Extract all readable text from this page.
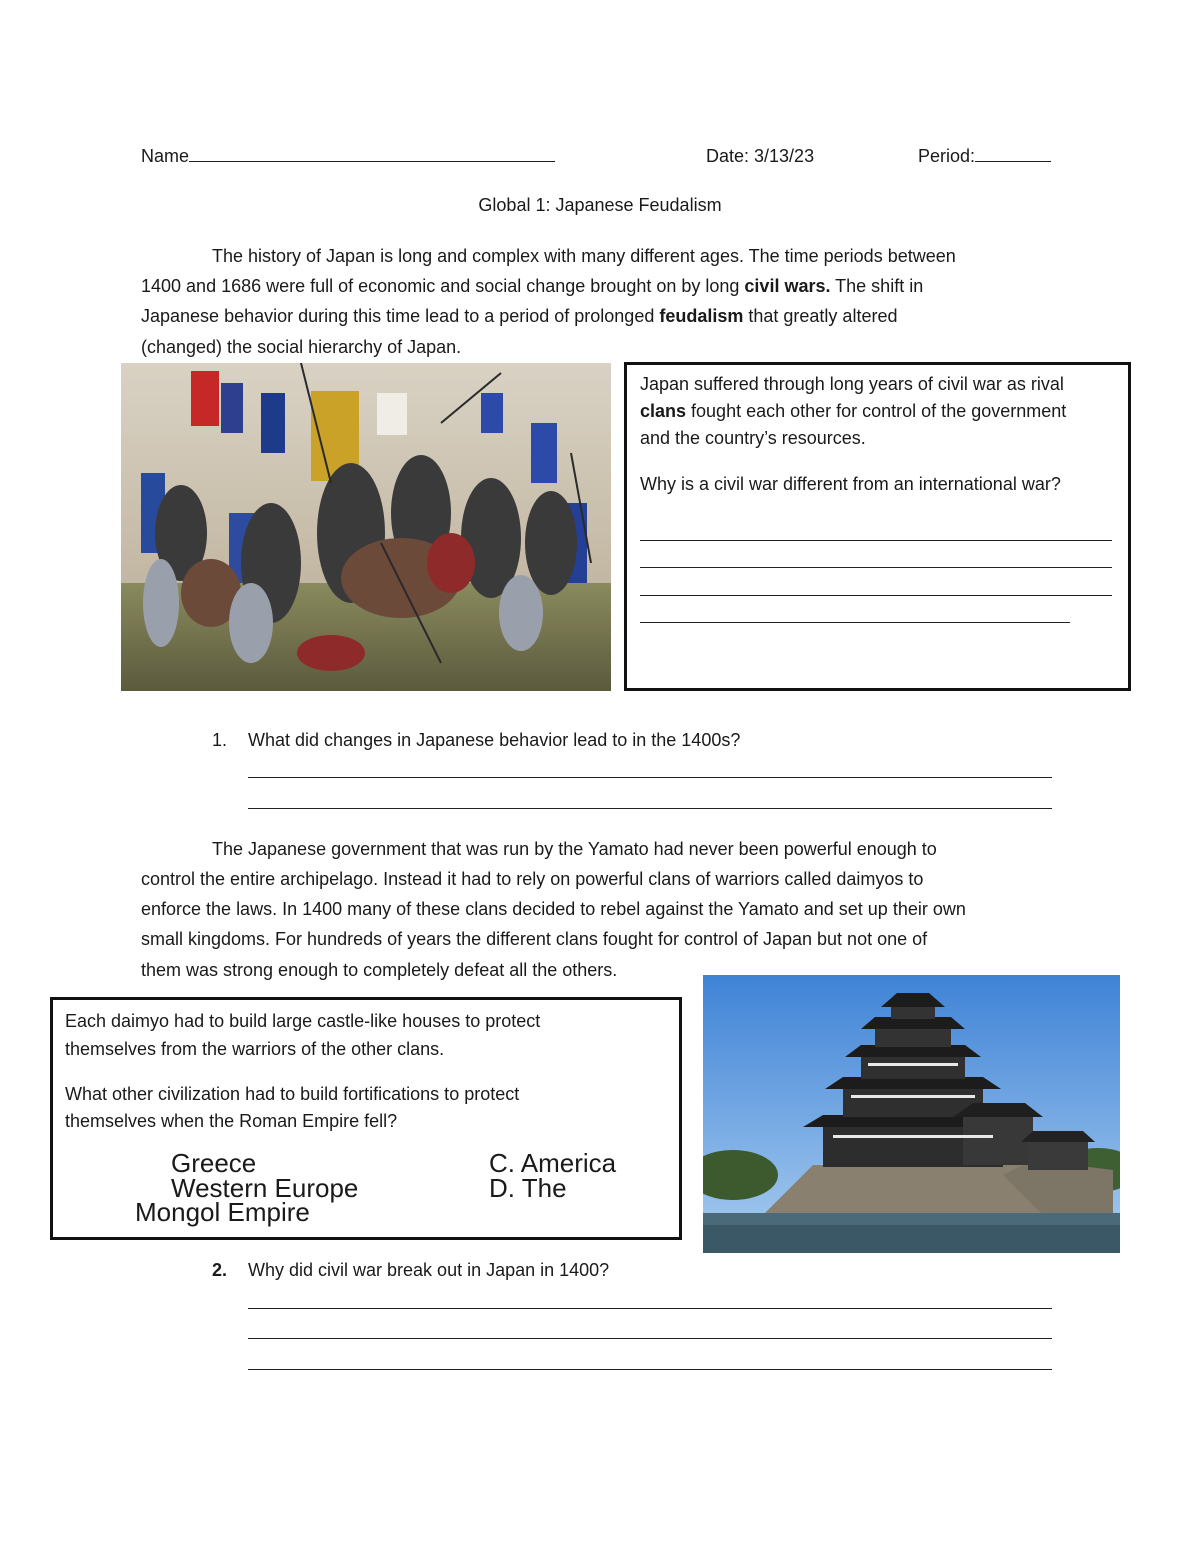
Name	Date: 3/13/23	Period:
Global 1: Japanese Feudalism
The history of Japan is long and complex with many different ages. The time periods between
1400 and 1686 were full of economic and social change brought on by long civil wars. The shift in
Japanese behavior during this time lead to a period of prolonged feudalism that greatly altered
(changed) the social hierarchy of Japan.
Japan suffered through long years of civil war as rival
clans fought each other for control of the government
and the country’s resources.
Why is a civil war different from an international war?
1. What did changes in Japanese behavior lead to in the 1400s?
The Japanese government that was run by the Yamato had never been powerful enough to
control the entire archipelago. Instead it had to rely on powerful clans of warriors called daimyos to
enforce the laws. In 1400 many of these clans decided to rebel against the Yamato and set up their own
small kingdoms. For hundreds of years the different clans fought for control of Japan but not one of
them was strong enough to completely defeat all the others.
Each daimyo had to build large castle-like houses to protect
themselves from the warriors of the other clans.
What other civilization had to build fortifications to protect
themselves when the Roman Empire fell?
Greece
Western Europe
C. America
D. The
Mongol Empire
2. Why did civil war break out in Japan in 1400?
